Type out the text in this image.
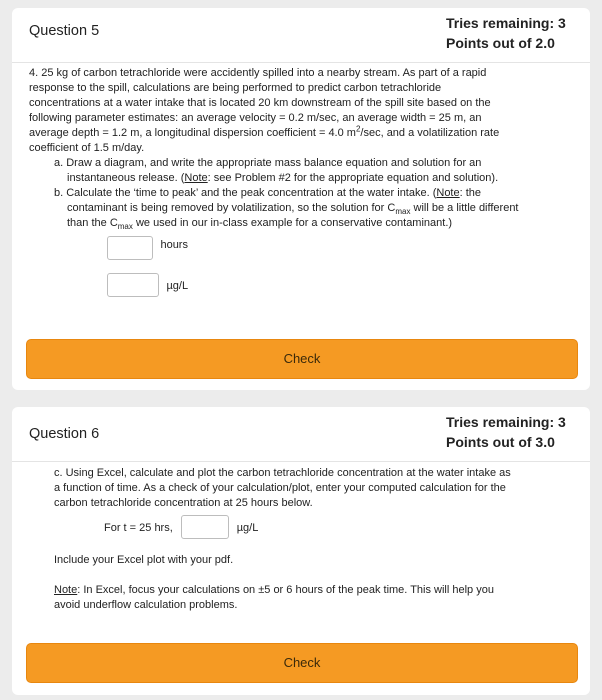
Question 5	Tries remaining: 3
Points out of 2.0

4. 25 kg of carbon tetrachloride were accidently spilled into a nearby stream. As part of a rapid

response to the spill, calculations are being performed to predict carbon tetrachloride

concentrations at a water intake that is located 20 km downstream of the spill site based on the

following parameter estimates: an average velocity = 0.2 m/sec, an average width = 25 m, an

average depth = 1.2 m, a longitudinal dispersion coefficient = 4.0 $m^2/\sec$, and a volatilization rate

coefficient of 1.5 m/day.

a. Draw a diagram, and write the appropriate mass balance equation and solution for an

instantaneous release. (Note: see Problem #2 for the appropriate equation and solution).

b. Calculate the ‘time to peak’ and the peak concentration at the water intake. (Note: the

contaminant is being removed by volatilization, so the solution for $C_{max}$ will be a little different

than the $C_{max}$ we used in our in-class example for a conservative contaminant.)

$^{hours}$
µg/L
Check
Question 6
Tries remaining: 3
Points out of 3.0

c. Using Excel, calculate and plot the carbon tetrachloride concentration at the water intake as

a function of time. As a check of your calculation/plot, enter your computed calculation for the

carbon tetrachloride concentration at 25 hours below.

For t = 25 hrs,	µg/L

Include your Excel plot with your pdf.

Note: In Excel, focus your calculations on ±5 or 6 hours of the peak time. This will help you

avoid underflow calculation problems.

Check
